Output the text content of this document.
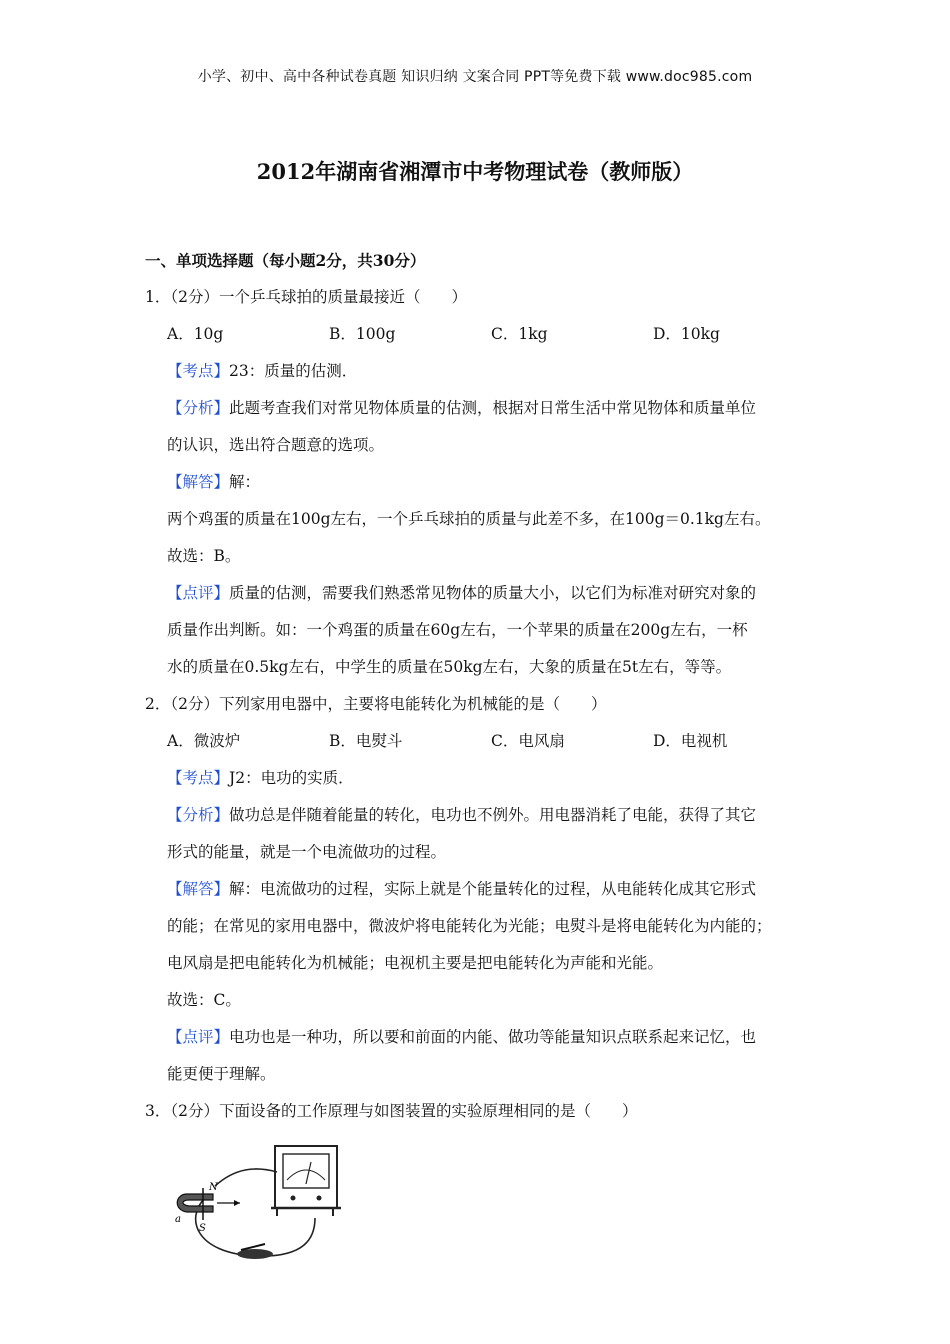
小学、初中、高中各种试卷真题 知识归纳 文案合同 PPT等免费下载 www.doc985.com
2012年湖南省湘潭市中考物理试卷（教师版）
一、单项选择题（每小题2分，共30分）
1．（2分）一个乒乓球拍的质量最接近（　　）
A．10g	B．100g	C．1kg	D．10kg
【考点】23：质量的估测．
【分析】此题考查我们对常见物体质量的估测，根据对日常生活中常见物体和质量单位
的认识，选出符合题意的选项。
【解答】解：
两个鸡蛋的质量在100g左右，一个乒乓球拍的质量与此差不多，在100g＝0.1kg左右。
故选：B。
【点评】质量的估测，需要我们熟悉常见物体的质量大小，以它们为标准对研究对象的
质量作出判断。如：一个鸡蛋的质量在60g左右，一个苹果的质量在200g左右，一杯
水的质量在0.5kg左右，中学生的质量在50kg左右，大象的质量在5t左右，等等。
2．（2分）下列家用电器中，主要将电能转化为机械能的是（　　）
A．微波炉	B．电熨斗	C．电风扇	D．电视机
【考点】J2：电功的实质．
【分析】做功总是伴随着能量的转化，电功也不例外。用电器消耗了电能，获得了其它
形式的能量，就是一个电流做功的过程。
【解答】解：电流做功的过程，实际上就是个能量转化的过程，从电能转化成其它形式
的能；在常见的家用电器中，微波炉将电能转化为光能；电熨斗是将电能转化为内能的；
电风扇是把电能转化为机械能；电视机主要是把电能转化为声能和光能。
故选：C。
【点评】电功也是一种功，所以要和前面的内能、做功等能量知识点联系起来记忆，也
能更便于理解。
3．（2分）下面设备的工作原理与如图装置的实验原理相同的是（　　）
N
S
a
